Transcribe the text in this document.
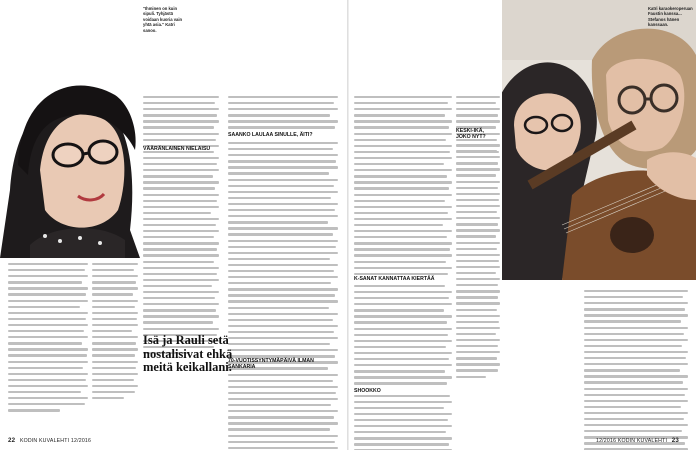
"Ihminen on kuin sipuli. Tyhjästä voidaan kuoria vain yhtä asia." Katri sanoo.
VÄÄRÄNLAINEN NIELAISU
SAANKO LAULAA SINULLE, ÄITI?
70-VUOTISSYNTYMÄPÄIVÄ ILMAN SANKARIA
Isä ja Rauli setä nostalisivat ehkä meitä keikallani.
22 KODIN KUVALEHTI 12/2016
K-SANAT KANNATTAA KIERTÄÄ
SHOOKKO
KESKI-IKÄ, JOKO NYT?
12/2016 KODIN KUVALEHTI 23
Katri karaokeroperuan Faustin kanssa... Stefanos hänen kanssaan.
